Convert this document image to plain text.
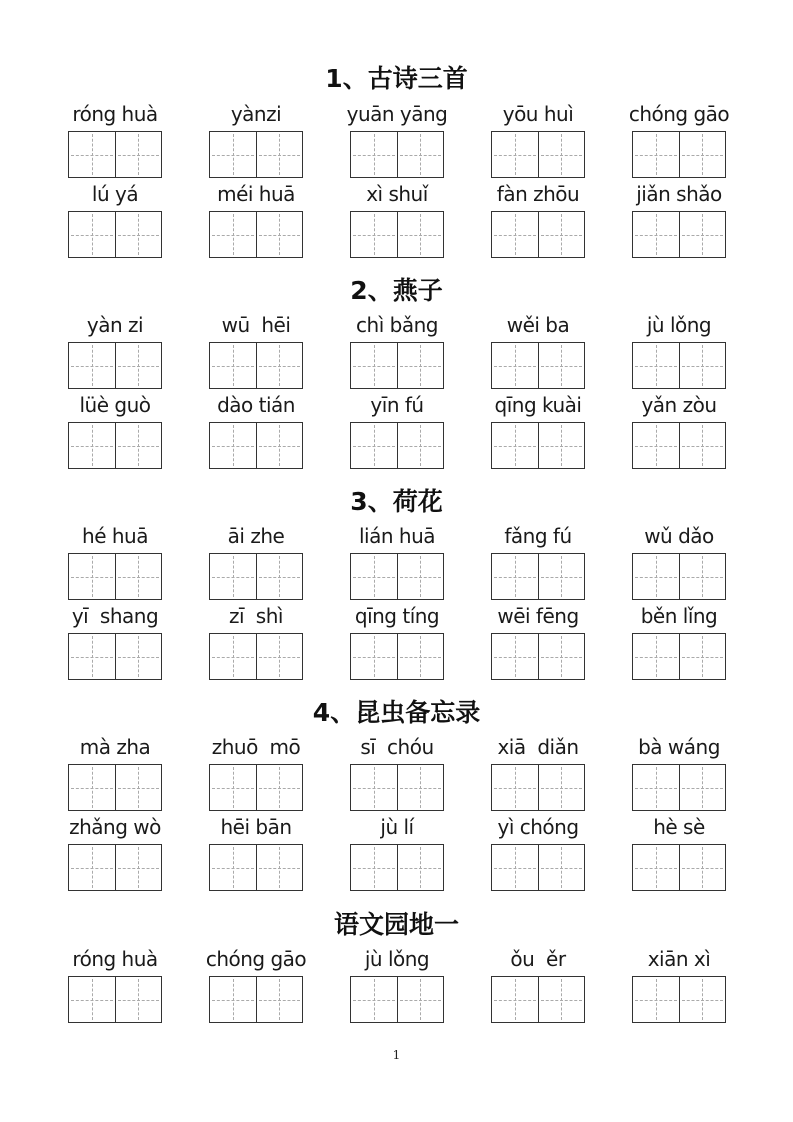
1、古诗三首
róng huà	yànzi	yuān yāng	yōu huì	chóng gāo
lú yá	méi huā	xì shuǐ	fàn zhōu	jiǎn shǎo
2、燕子
yàn zi	wū  hēi	chì bǎng	wěi ba	jù lǒng
lüè guò	dào tián	yīn fú	qīng kuài	yǎn zòu
3、荷花
hé huā	āi zhe	lián huā	fǎng fú	wǔ dǎo
yī  shang	zī  shì	qīng tíng	wēi fēng	běn lǐng
4、昆虫备忘录
mà zha	zhuō  mō	sī  chóu	xiā  diǎn	bà wáng
zhǎng wò	hēi bān	jù lí	yì chóng	hè sè
语文园地一
róng huà	chóng gāo	jù lǒng	ǒu  ěr	xiān xì
1
